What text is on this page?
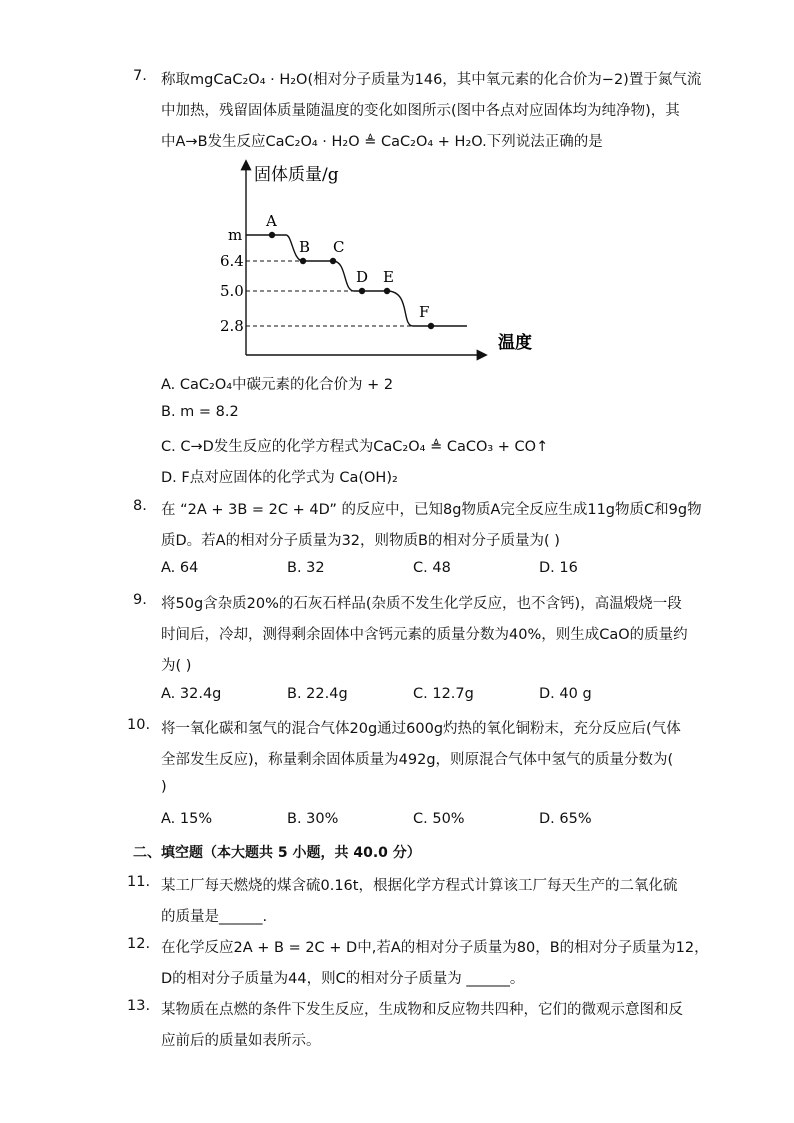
7. 称取mgCaC₂O₄ · H₂O(相对分子质量为146，其中氧元素的化合价为−2)置于氮气流
中加热，残留固体质量随温度的变化如图所示(图中各点对应固体均为纯净物)，其
中A→B发生反应CaC₂O₄ · H₂O ≜ CaC₂O₄ + H₂O.下列说法正确的是
固体质量/g
温度
m
6.4
5.0
2.8
A
B C
D E
F
A. CaC₂O₄中碳元素的化合价为 + 2
B. m = 8.2
C. C→D发生反应的化学方程式为CaC₂O₄ ≜ CaCO₃ + CO↑
D. F点对应固体的化学式为 Ca(OH)₂
8. 在 “2A + 3B = 2C + 4D” 的反应中，已知8g物质A完全反应生成11g物质C和9g物
质D。若A的相对分子质量为32，则物质B的相对分子质量为( )
A. 64	B. 32	C. 48	D. 16
9. 将50g含杂质20%的石灰石样品(杂质不发生化学反应，也不含钙)，高温煅烧一段
时间后，冷却，测得剩余固体中含钙元素的质量分数为40%，则生成CaO的质量约
为( )
A. 32.4g	B. 22.4g	C. 12.7g	D. 40 g
10. 将一氧化碳和氢气的混合气体20g通过600g灼热的氧化铜粉末，充分反应后(气体
全部发生反应)，称量剩余固体质量为492g，则原混合气体中氢气的质量分数为(
)
A. 15%	B. 30%	C. 50%	D. 65%
二、填空题（本大题共 5 小题，共 40.0 分）
11. 某工厂每天燃烧的煤含硫0.16t，根据化学方程式计算该工厂每天生产的二氧化硫
的质量是______.
12. 在化学反应2A + B = 2C + D中,若A的相对分子质量为80，B的相对分子质量为12，
D的相对分子质量为44，则C的相对分子质量为 ______。
13. 某物质在点燃的条件下发生反应，生成物和反应物共四种，它们的微观示意图和反
应前后的质量如表所示。
